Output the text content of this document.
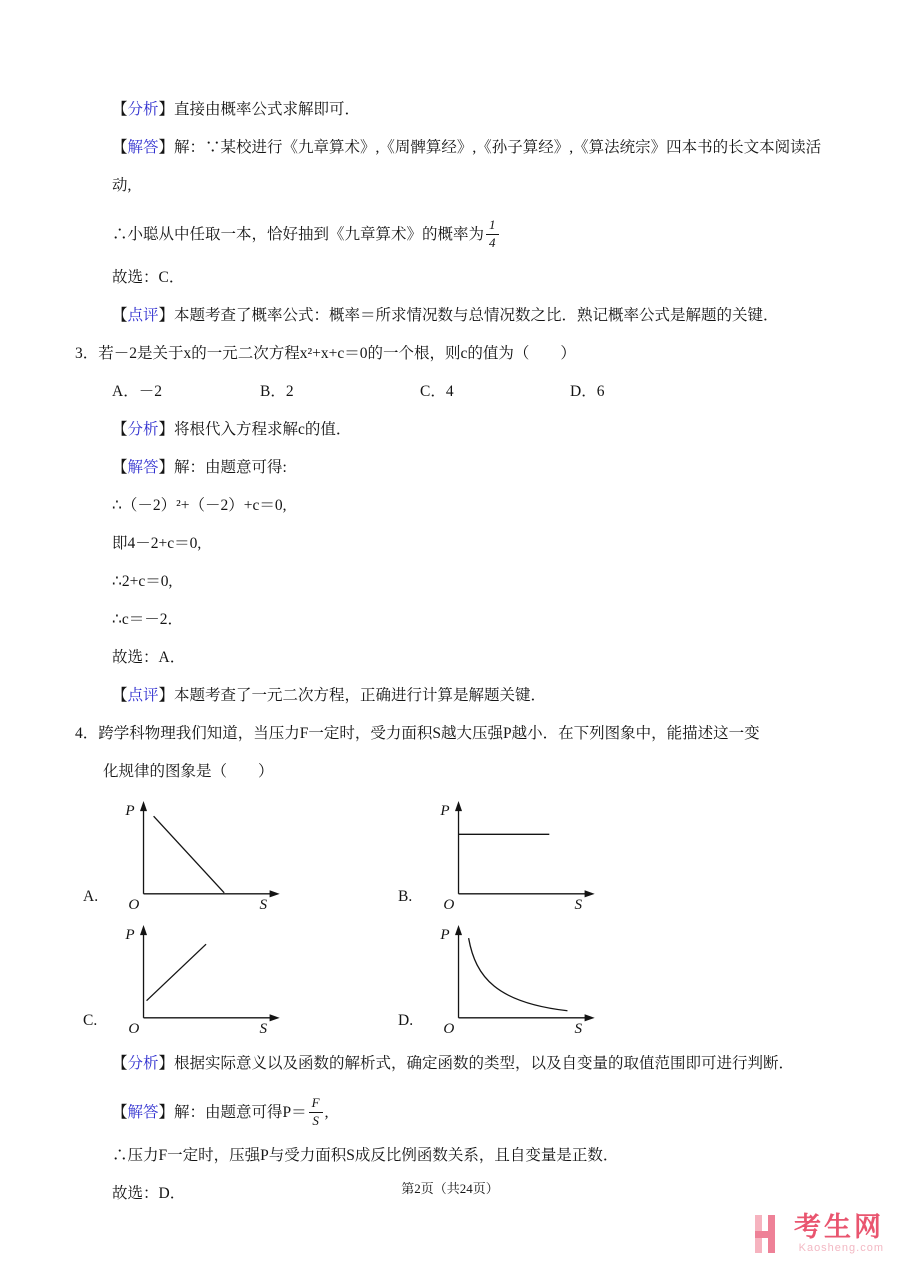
【分析】直接由概率公式求解即可．

【解答】解：∵某校进行《九章算术》,《周髀算经》,《孙子算经》,《算法统宗》四本书的长文本阅读活

动,

∴小聪从中任取一本，恰好抽到《九章算术》的概率为 $\frac{1}{4}$

故选：C．

【点评】本题考查了概率公式：概率＝所求情况数与总情况数之比．熟记概率公式是解题的关键．

3．若－2是关于x的一元二次方程x²+x+c＝0的一个根，则c的值为（　　）

A．－2	B．2	C．4	D．6

【分析】将根代入方程求解c的值．

【解答】解：由题意可得:

∴（－2）²+（－2）+c＝0,

即4－2+c＝0,

∴2+c＝0,

∴c＝－2．

故选：A．

【点评】本题考查了一元二次方程，正确进行计算是解题关键．

4．跨学科物理我们知道，当压力F一定时，受力面积S越大压强P越小．在下列图象中，能描述这一变

化规律的图象是（　　）

A.
P
O	S	B.
P
O	S
C.
P
O	S	D.
P
O	S

【分析】根据实际意义以及函数的解析式，确定函数的类型，以及自变量的取值范围即可进行判断．

【解答】 解：由题意可得$P= \frac{F}{S}$ ,

∴压力F一定时，压强P与受力面积S成反比例函数关系，且自变量是正数．

故选：D．	第2页（共24页）
考生网
Kaosheng.com
